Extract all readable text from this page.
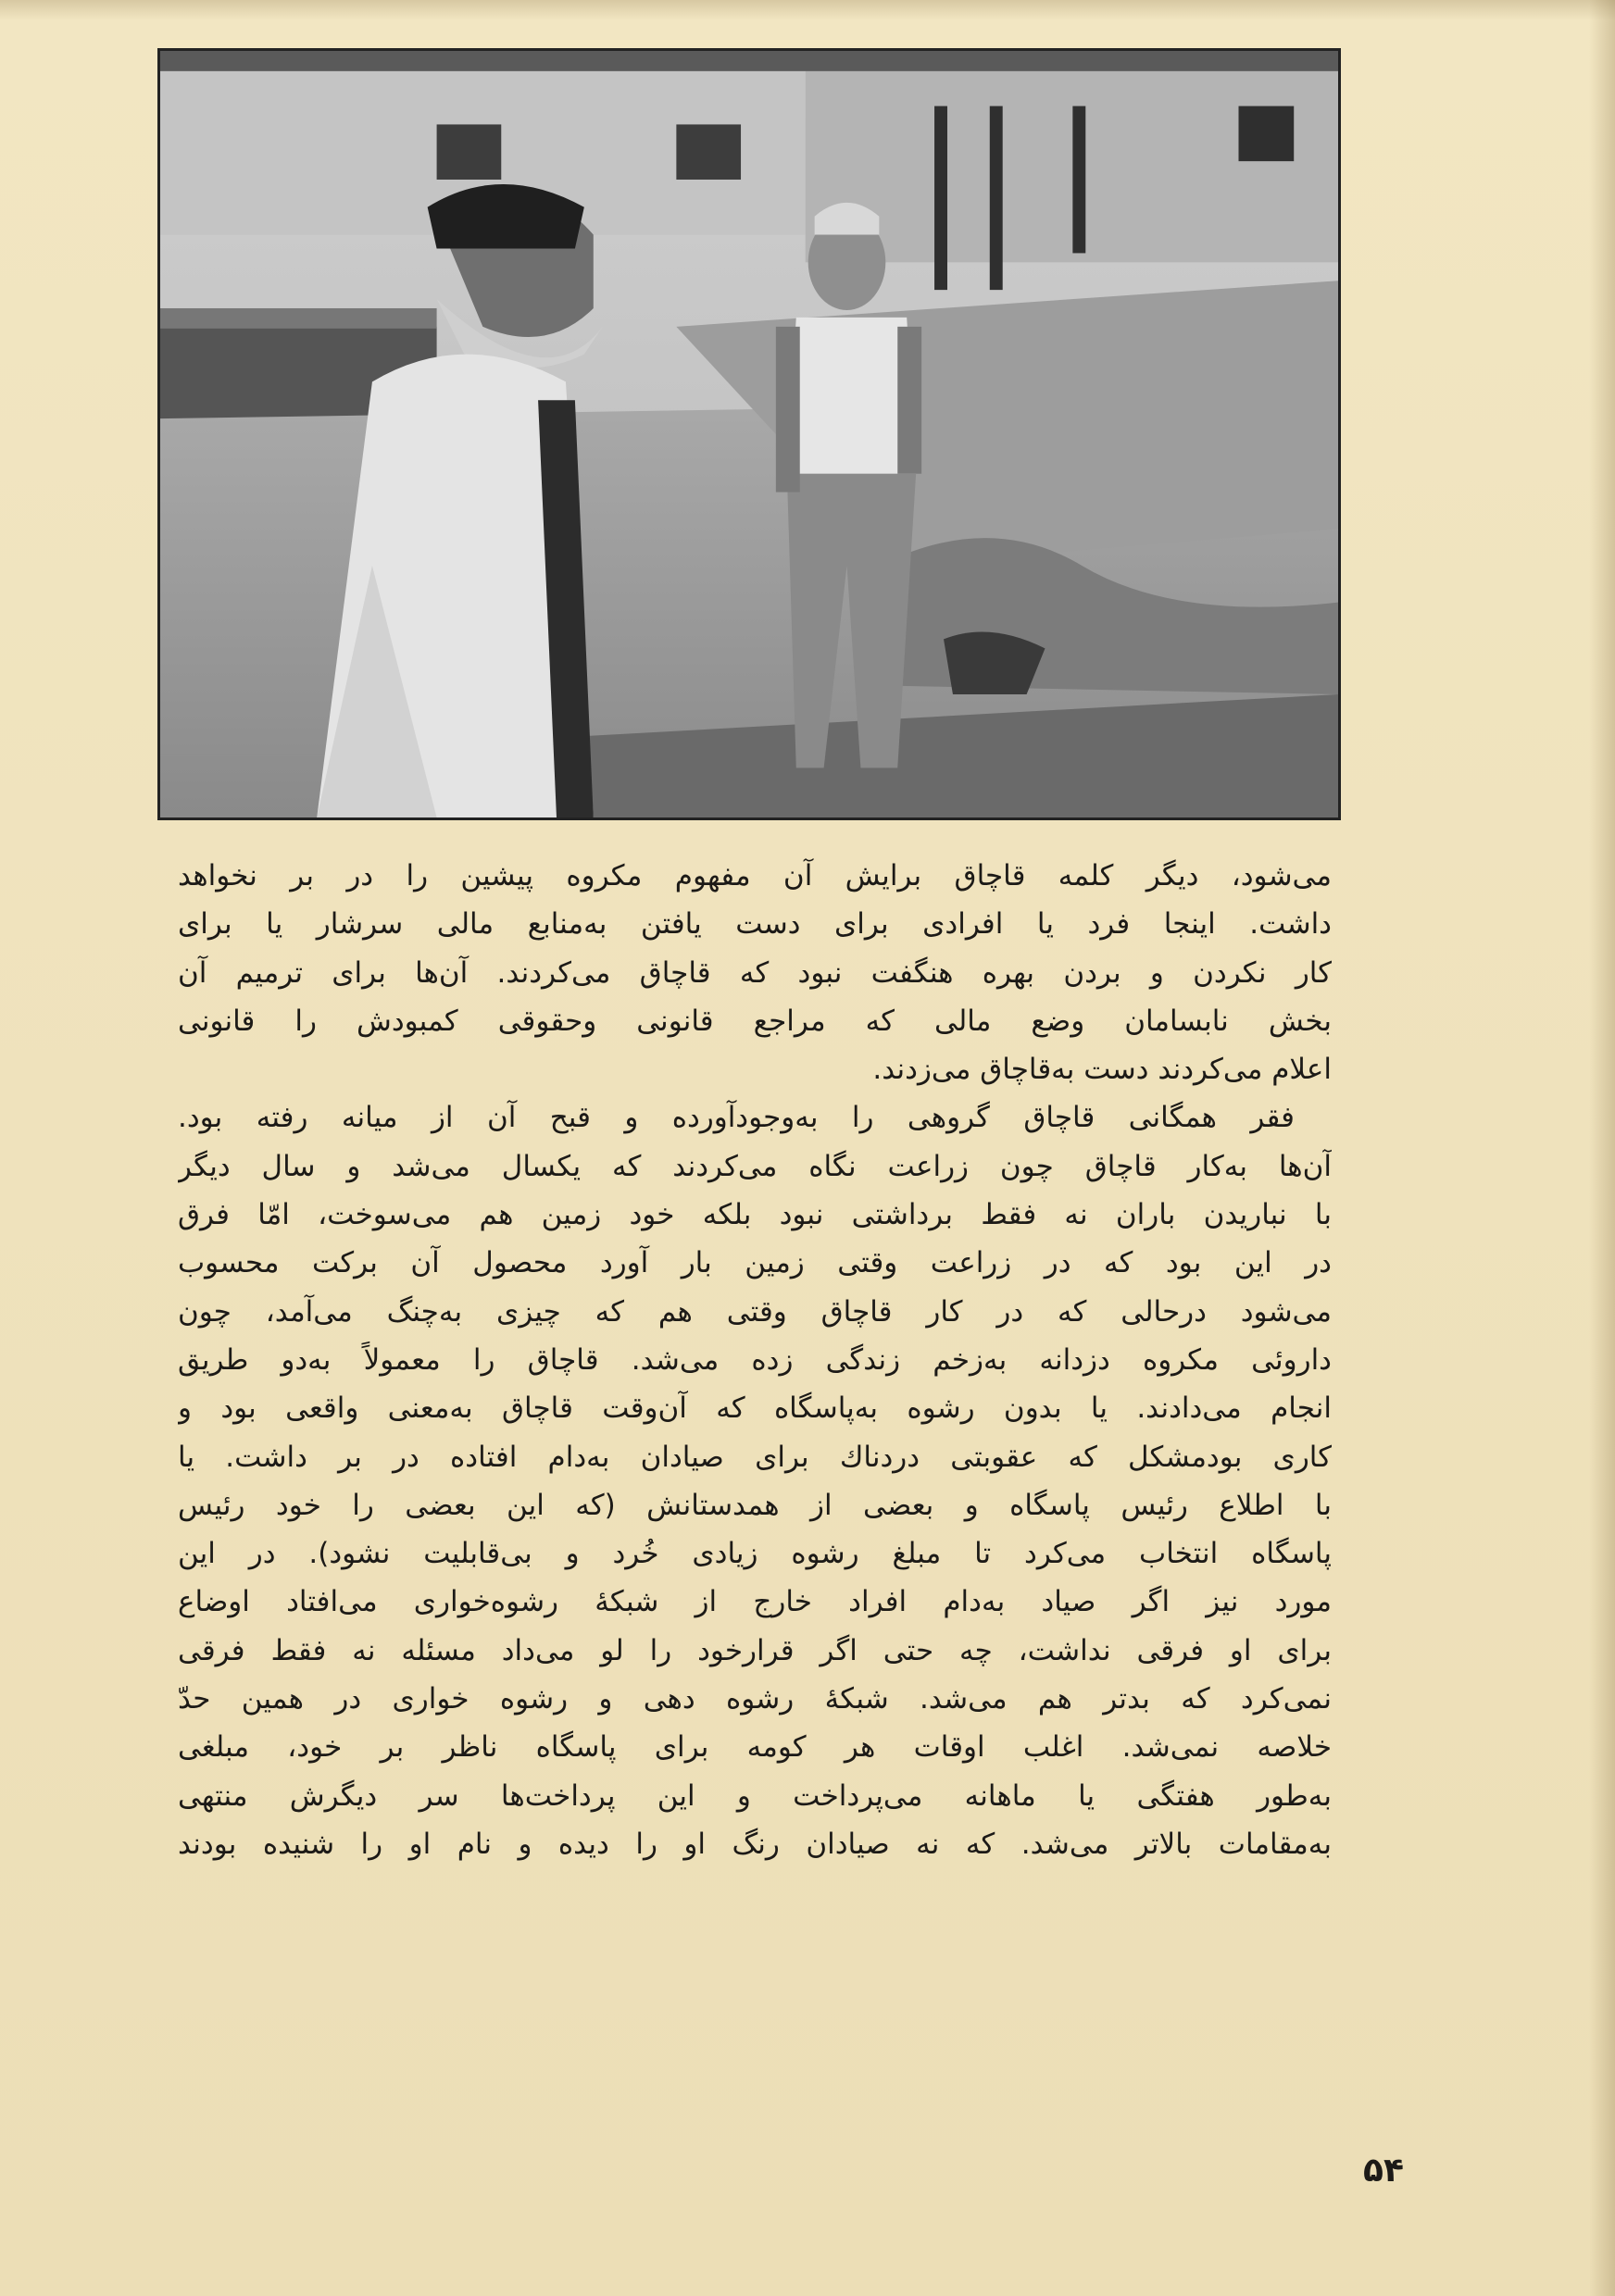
می‌شود، دیگر کلمه قاچاق برایش آن مفهوم مکروه پیشین را در بر نخواهد
داشت. اینجا فرد یا افرادی برای دست یافتن به‌منابع مالی سرشار یا برای
کار نکردن و بردن بهره هنگفت نبود که قاچاق می‌کردند. آن‌ها برای ترمیم آن
بخش نابسامان وضع مالی که مراجع قانونی وحقوقی کمبودش را قانونی
اعلام می‌کردند دست به‌قاچاق می‌زدند.
فقر همگانی قاچاق گروهی را به‌وجودآورده و قبح آن از میانه رفته بود.
آن‌ها به‌کار قاچاق چون زراعت نگاه می‌کردند که یکسال می‌شد و سال دیگر
با نباریدن باران نه فقط برداشتی نبود بلکه خود زمین هم می‌سوخت، امّا فرق
در این بود که در زراعت وقتی زمین بار آورد محصول آن برکت محسوب
می‌شود درحالی که در کار قاچاق وقتی هم که چیزی به‌چنگ می‌آمد، چون
داروئی مکروه دزدانه به‌زخم زندگی زده می‌شد. قاچاق را معمولاً به‌دو طریق
انجام می‌دادند. یا بدون رشوه به‌پاسگاه که آن‌وقت قاچاق به‌معنی واقعی بود و
کاری بودمشکل که عقوبتی دردناك برای صیادان به‌دام افتاده در بر داشت. یا
با اطلاع رئیس پاسگاه و بعضی از همدستانش (که این بعضی را خود رئیس
پاسگاه انتخاب می‌کرد تا مبلغ رشوه زیادی خُرد و بی‌قابلیت نشود). در این
مورد نیز اگر صیاد به‌دام افراد خارج از شبکهٔ رشوه‌خواری می‌افتاد اوضاع
برای او فرقی نداشت، چه حتی اگر قرارخود را لو می‌داد مسئله نه فقط فرقی
نمی‌کرد که بدتر هم می‌شد. شبکهٔ رشوه دهی و رشوه خواری در همین حدّ
خلاصه نمی‌شد. اغلب اوقات هر کومه برای پاسگاه ناظر بر خود، مبلغی
به‌طور هفتگی یا ماهانه می‌پرداخت و این پرداخت‌ها سر دیگرش منتهی
به‌مقامات بالاتر می‌شد. که نه صیادان رنگ او را دیده و نام او را شنیده بودند
۵۴
